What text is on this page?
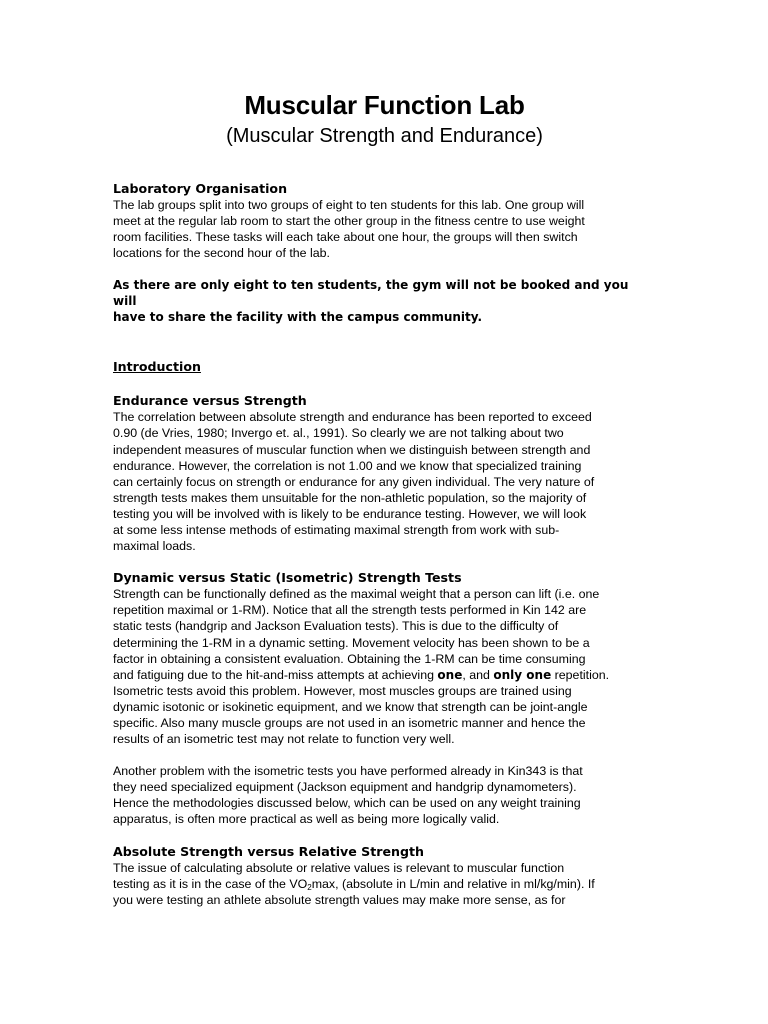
Muscular Function Lab
(Muscular Strength and Endurance)
Laboratory Organisation
The lab groups split into two groups of eight to ten students for this lab. One group will
meet at the regular lab room to start the other group in the fitness centre to use weight
room facilities. These tasks will each take about one hour, the groups will then switch
locations for the second hour of the lab.
As there are only eight to ten students, the gym will not be booked and you will
have to share the facility with the campus community.
Introduction
Endurance versus Strength
The correlation between absolute strength and endurance has been reported to exceed
0.90 (de Vries, 1980; Invergo et. al., 1991). So clearly we are not talking about two
independent measures of muscular function when we distinguish between strength and
endurance. However, the correlation is not 1.00 and we know that specialized training
can certainly focus on strength or endurance for any given individual. The very nature of
strength tests makes them unsuitable for the non-athletic population, so the majority of
testing you will be involved with is likely to be endurance testing. However, we will look
at some less intense methods of estimating maximal strength from work with sub-
maximal loads.
Dynamic versus Static (Isometric) Strength Tests
Strength can be functionally defined as the maximal weight that a person can lift (i.e. one
repetition maximal or 1-RM). Notice that all the strength tests performed in Kin 142 are
static tests (handgrip and Jackson Evaluation tests). This is due to the difficulty of
determining the 1-RM in a dynamic setting. Movement velocity has been shown to be a
factor in obtaining a consistent evaluation. Obtaining the 1-RM can be time consuming
and fatiguing due to the hit-and-miss attempts at achieving one, and only one repetition.
Isometric tests avoid this problem. However, most muscles groups are trained using
dynamic isotonic or isokinetic equipment, and we know that strength can be joint-angle
specific. Also many muscle groups are not used in an isometric manner and hence the
results of an isometric test may not relate to function very well.
Another problem with the isometric tests you have performed already in Kin343 is that
they need specialized equipment (Jackson equipment and handgrip dynamometers).
Hence the methodologies discussed below, which can be used on any weight training
apparatus, is often more practical as well as being more logically valid.
Absolute Strength versus Relative Strength
The issue of calculating absolute or relative values is relevant to muscular function
testing as it is in the case of the $VO_2\max$, (absolute in L/min and relative in ml/kg/min). If
you were testing an athlete absolute strength values may make more sense, as for
